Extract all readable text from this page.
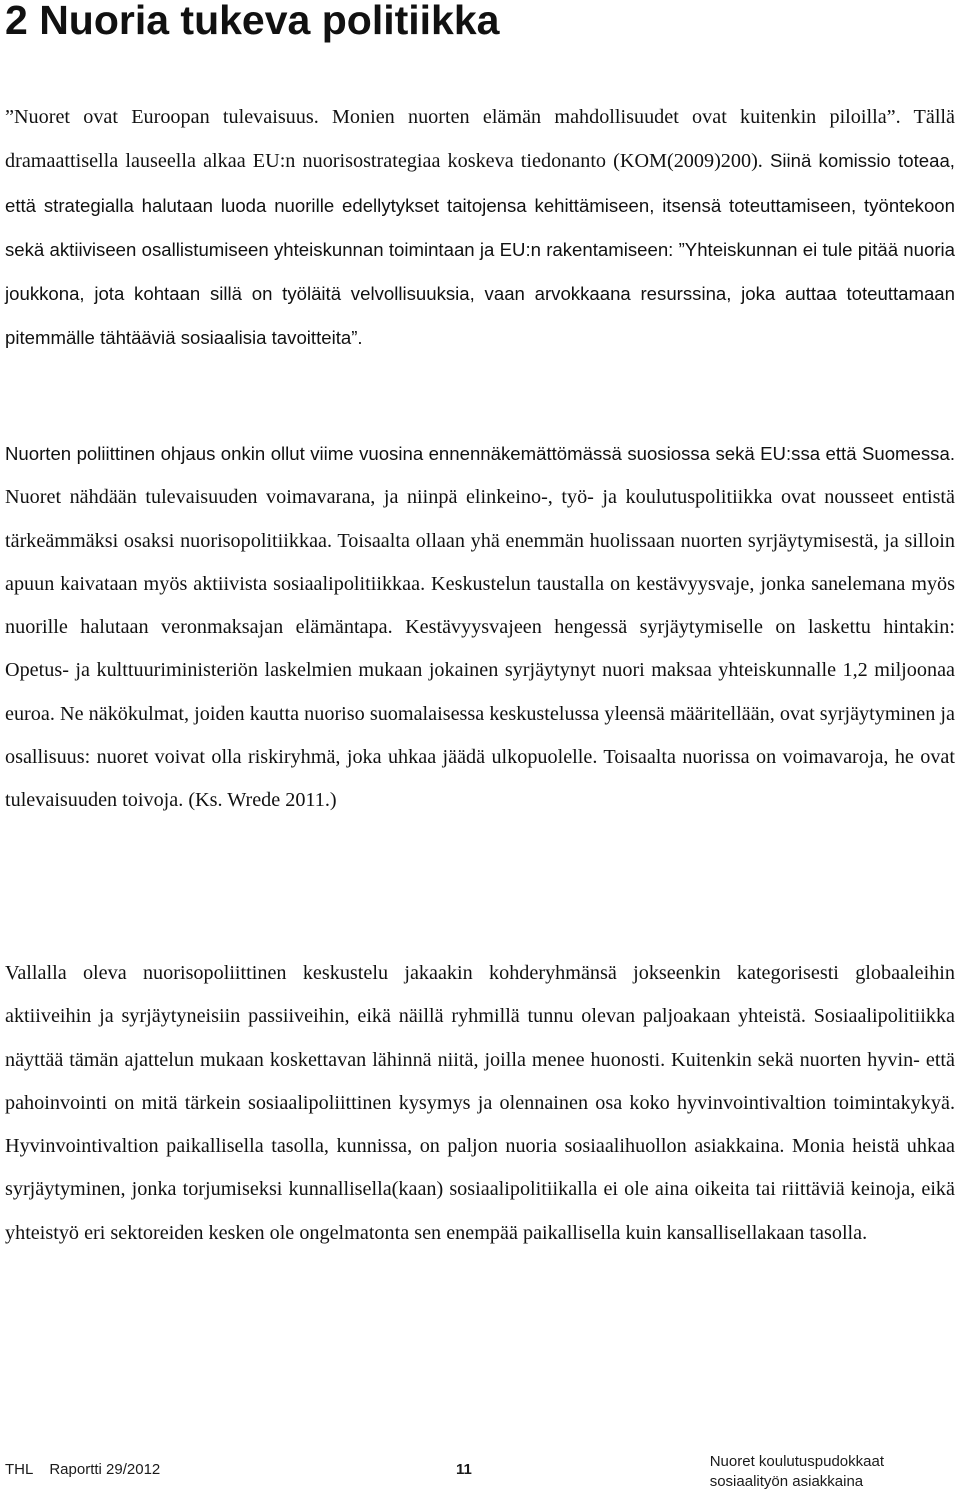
2 Nuoria tukeva politiikka

”Nuoret ovat Euroopan tulevaisuus. Monien nuorten elämän mahdollisuudet ovat kuitenkin piloilla”. Tällä dramaattisella lauseella alkaa EU:n nuorisostrategiaa koskeva tiedonanto (KOM(2009)200). Siinä komissio toteaa, että strategialla halutaan luoda nuorille edellytykset taitojensa kehittämiseen, itsensä toteuttamiseen, työntekoon sekä aktiiviseen osallistumiseen yhteiskunnan toimintaan ja EU:n rakentamiseen: ”Yhteiskunnan ei tule pitää nuoria joukkona, jota kohtaan sillä on työläitä velvollisuuksia, vaan arvokkaana resurssina, joka auttaa toteuttamaan pitemmälle tähtääviä sosiaalisia tavoitteita”.

Nuorten poliittinen ohjaus onkin ollut viime vuosina ennennäkemättömässä suosiossa sekä EU:ssa että Suomessa. Nuoret nähdään tulevaisuuden voimavarana, ja niinpä elinkeino-, työ- ja koulutuspolitiikka ovat nousseet entistä tärkeämmäksi osaksi nuorisopolitiikkaa. Toisaalta ollaan yhä enemmän huolissaan nuorten syrjäytymisestä, ja silloin apuun kaivataan myös aktiivista sosiaalipolitiikkaa. Keskustelun taustalla on kestävyysvaje, jonka sanelemana myös nuorille halutaan veronmaksajan elämäntapa. Kestävyysvajeen hengessä syrjäytymiselle on laskettu hintakin: Opetus- ja kulttuuriministeriön laskelmien mukaan jokainen syrjäytynyt nuori maksaa yhteiskunnalle 1,2 miljoonaa euroa. Ne näkökulmat, joiden kautta nuoriso suomalaisessa keskustelussa yleensä määritellään, ovat syrjäytyminen ja osallisuus: nuoret voivat olla riskiryhmä, joka uhkaa jäädä ulkopuolelle. Toisaalta nuorissa on voimavaroja, he ovat tulevaisuuden toivoja. (Ks. Wrede 2011.)

Vallalla oleva nuorisopoliittinen keskustelu jakaakin kohderyhmänsä jokseenkin kategorisesti globaaleihin aktiiveihin ja syrjäytyneisiin passiiveihin, eikä näillä ryhmillä tunnu olevan paljoakaan yhteistä. Sosiaalipolitiikka näyttää tämän ajattelun mukaan koskettavan lähinnä niitä, joilla menee huonosti. Kuitenkin sekä nuorten hyvin- että pahoinvointi on mitä tärkein sosiaalipoliittinen kysymys ja olennainen osa koko hyvinvointivaltion toimintakykyä. Hyvinvointivaltion paikallisella tasolla, kunnissa, on paljon nuoria sosiaalihuollon asiakkaina. Monia heistä uhkaa syrjäytyminen, jonka torjumiseksi kunnallisella(kaan) sosiaalipolitiikalla ei ole aina oikeita tai riittäviä keinoja, eikä yhteistyö eri sektoreiden kesken ole ongelmatonta sen enempää paikallisella kuin kansallisellakaan tasolla.

THL Raportti 29/2012	11	Nuoret koulutuspudokkaat
sosiaalityön asiakkaina
